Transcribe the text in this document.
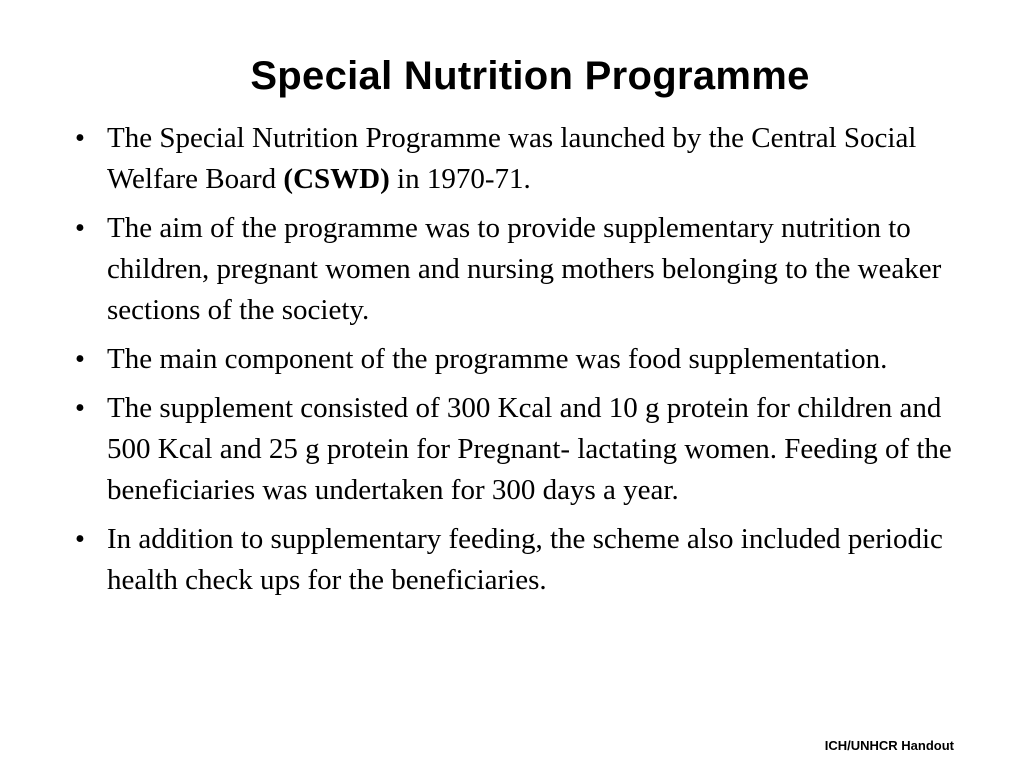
Special Nutrition Programme
• The Special Nutrition Programme was launched by the Central Social Welfare Board (CSWD) in 1970-71.
• The aim of the programme was to provide supplementary nutrition to children, pregnant women and nursing mothers belonging to the weaker sections of the society.
• The main component of the programme was food supplementation.
• The supplement consisted of 300 Kcal and 10 g protein for children and 500 Kcal and 25 g protein for Pregnant- lactating women. Feeding of the beneficiaries was undertaken for 300 days a year.
• In addition to supplementary feeding, the scheme also included periodic health check ups for the beneficiaries.
ICH/UNHCR Handout
